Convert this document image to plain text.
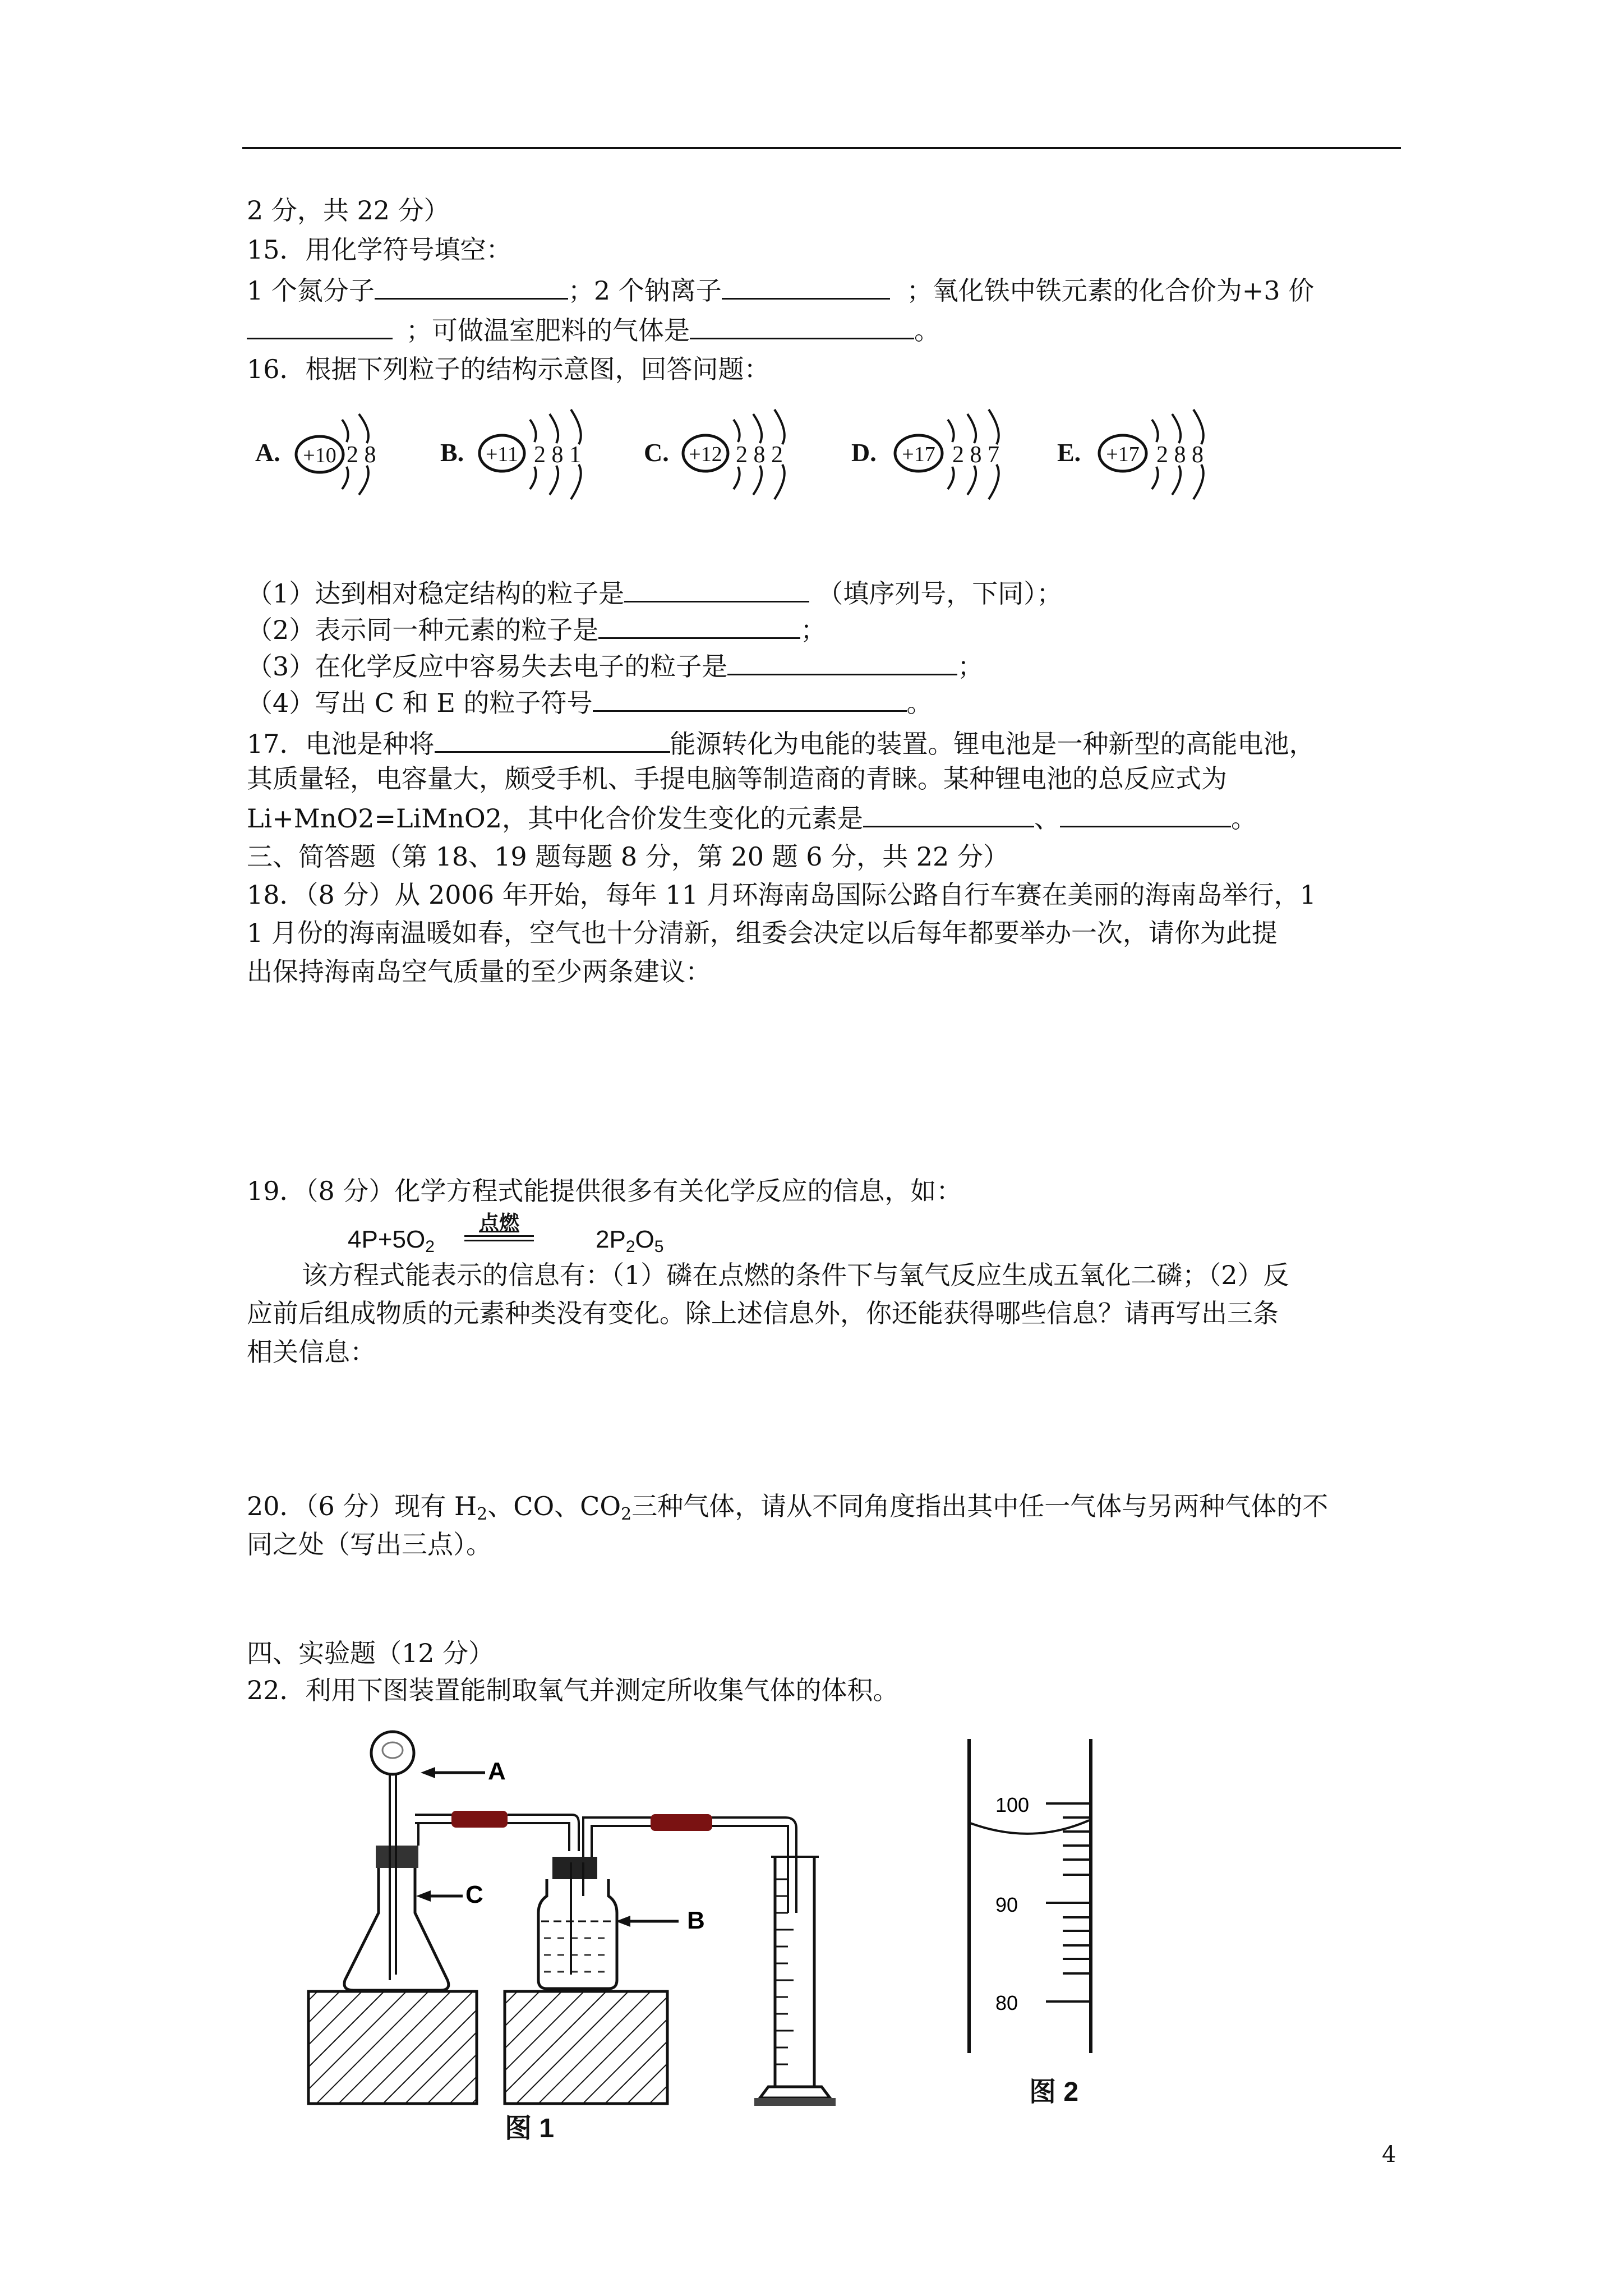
2 分，共 22 分）
15．用化学符号填空：
1 个氮分子	；2 个钠离子	；氧化铁中铁元素的化合价为+3 价
；可做温室肥料的气体是	。
16．根据下列粒子的结构示意图，回答问题：
A. +10 2 8 B. +11 2 8 1 C. +12 2 8 2	D. +17 2 8 7 E. +17 2 8 8
（1）达到相对稳定结构的粒子是	（填序列号，下同）；
（2）表示同一种元素的粒子是	；
（3）在化学反应中容易失去电子的粒子是	；
（4）写出 C 和 E 的粒子符号	。
17．电池是种将	能源转化为电能的装置。锂电池是一种新型的高能电池，
其质量轻，电容量大，颇受手机、手提电脑等制造商的青睐。某种锂电池的总反应式为
Li+MnO2=LiMnO2，其中化合价发生变化的元素是	、	。
三、简答题（第 18、19 题每题 8 分，第 20 题 6 分，共 22 分）
18．（8 分）从 2006 年开始，每年 11 月环海南岛国际公路自行车赛在美丽的海南岛举行，1
1 月份的海南温暖如春，空气也十分清新，组委会决定以后每年都要举办一次，请你为此提
出保持海南岛空气质量的至少两条建议：
19．（8 分）化学方程式能提供很多有关化学反应的信息，如：
$4P+5O_2$
点燃
$2P_2O_5$
该方程式能表示的信息有：（1）磷在点燃的条件下与氧气反应生成五氧化二磷；（2）反
应前后组成物质的元素种类没有变化。除上述信息外，你还能获得哪些信息？请再写出三条
相关信息：
20．（6 分）现有 $H_2$、CO、$CO_2$三种气体，请从不同角度指出其中任一气体与另两种气体的不
同之处（写出三点）。
四、实验题（12 分）
22．利用下图装置能制取氧气并测定所收集气体的体积。
A
C
B
图 1
100
90
80
图 2
4
